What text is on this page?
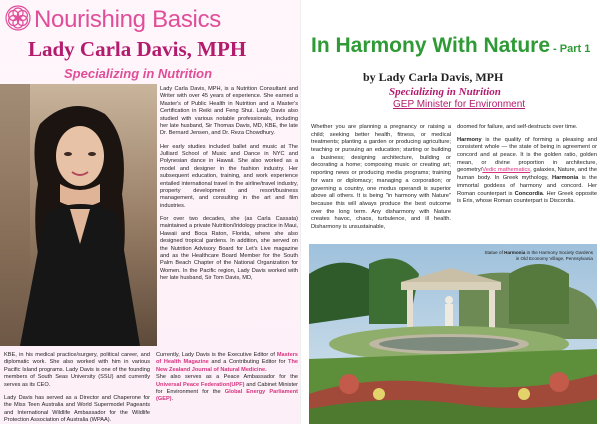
Nourishing Basics
Lady Carla Davis, MPH
Specializing in Nutrition

Lady Carla Davis, MPH, is a Nutrition Consultant and Writer with over 45 years of experience. She earned a Master's of Public Health in Nutrition and a Master's Certification in Reiki and Feng Shui. Lady Davis also studied with various notable professionals, including her late husband, Sir Thomas Davis, MD, KBE, the late Dr. Bernard Jensen, and Dr. Reza Chowdhury.

Her early studies included ballet and music at The Julliard School of Music and Dance in NYC and Polynesian dance in Hawaii. She also worked as a model and designer in the fashion industry. Her subsequent education, training, and work experience entailed international travel in the airline/travel industry, property development and resort/business management, and consulting in the art and film industries.

For over two decades, she (as Carla Cassata) maintained a private Nutrition/Iridology practice in Maui, Hawaii and Boca Raton, Florida, where she also designed tropical gardens. In addition, she served on the Nutrition Advisory Board for Let's Live magazine and as the Healthcare Board Member for the South Palm Beach Chapter of the National Organization for Women. In the Pacific region, Lady Davis worked with her late husband, Sir Tom Davis, MD,

KBE, in his medical practice/surgery, political career, and diplomatic work. She also worked with him in various Pacific Island programs. Lady Davis is one of the founding members of South Seas University (SSU) and currently serves as its CEO.

Lady Davis has served as a Director and Chaperone for the Miss Teen Australia and World Supermodel Pageants and International Wildlife Ambassador for the Wildlife Protection Association of Australia (WPAA).

Currently, Lady Davis is the Executive Editor of Masters of Health Magazine and a Contributing Editor for The New Zealand Journal of Natural Medicine.

She also serves as a Peace Ambassador for the Universal Peace Federation(UPF) and Cabinet Minister for Environment for the Global Energy Parliament (GEP).

In Harmony With Nature - Part 1
by Lady Carla Davis, MPH
Specializing in Nutrition
GEP Minister for Environment

Whether you are planning a pregnancy or raising a child; seeking better health, fitness, or medical treatments; planting a garden or producing agriculture; teaching or pursuing an education; starting or building a business; designing architecture, building or decorating a home; composing music or creating art; reporting news or producing media programs; training for wars or diplomacy; managing a corporation; or governing a country, one modus operandi is superior above all others. It is being "in harmony with Nature" because this will always produce the best outcome over the long term. Any disharmony with Nature creates havoc, chaos, turbulence, and ill health. Disharmony is unsustainable,

doomed for failure, and self-destructs over time.

Harmony is the quality of forming a pleasing and consistent whole — the state of being in agreement or concord and at peace. It is the golden ratio, golden mean, or divine proportion in architecture, geometry/Vedic mathematics, galaxies, Nature, and the human body. In Greek mythology, Harmonia is the immortal goddess of harmony and concord. Her Roman counterpart is Concordia. Her Greek opposite is Eris, whose Roman counterpart is Discordia.

Statue of Harmonia in the Harmony Society Gardens in Old Economy Village, Pennsylvania
